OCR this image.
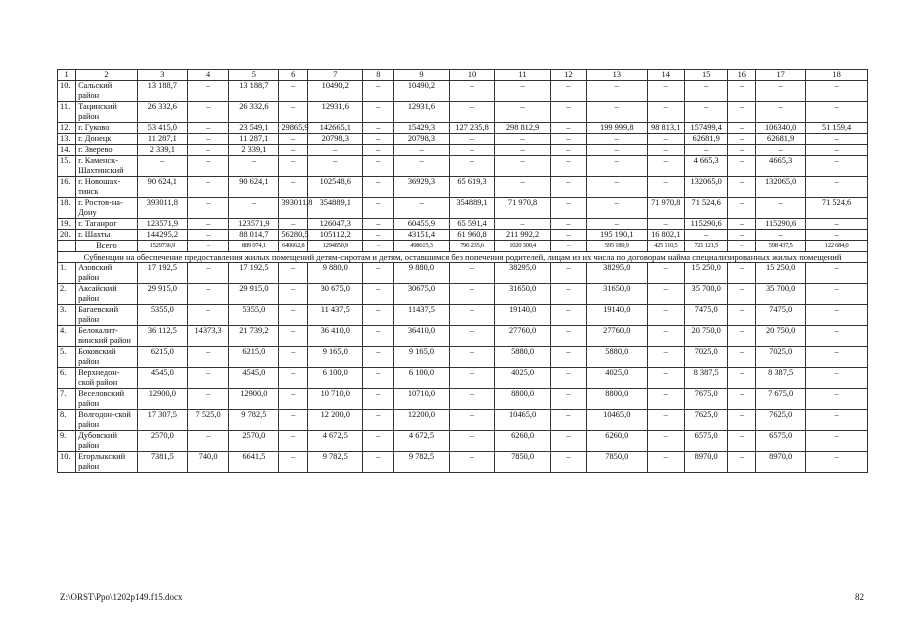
1	2	3	4	5	6	7	8	9	10	11	12	13	14	15	16	17	18
10.	Сальский район	13 188,7	–	13 188,7	–	10490,2	–	10490,2	–	–	–	–	–	–	–	–	–
11.	Тацинский район	26 332,6	–	26 332,6	–	12931,6	–	12931,6	–	–	–	–	–	–	–	–	–
12.	г. Гуково	53 415,0	–	23 549,1	29865,9	142665,1	–	15429,3	127 235,8	298 812,9	–	199 999,8	98 813,1	157499,4	–	106340,0	51 159,4
13.	г. Донецк	11 287,1	–	11 287,1	–	20798,3	–	20798,3	–	–	–	–	–	62681,9	–	62681,9	–
14.	г. Зверево	2 339,1	–	2 339,1	–	–	–	–	–	–	–	–	–	–	–	–	–
15.	г. Каменск-Шахтинский	–	–	–	–	–	–	–	–	–	–	–	–	4 665,3	–	4665,3	–
16.	г. Новошах-тинск	90 624,1	–	90 624,1	–	102548,6	–	36929,3	65 619,3	–	–	–	–	132065,0	–	132065,0	–
18.	г. Ростов-на-Дону	393011,8	–	–	393011,8	354889,1	–	–	354889,1	71 970,8	–	–	71 970,8	71 524,6	–	–	71 524,6
19.	г. Таганрог	123571,9	–	123571,9	–	126047,3	–	60455,9	65 591,4	–	–	–	–	115290,6	–	115290,6	–
20.	г. Шахты	144295,2	–	88 014,7	56280,5	105112,2	–	43151,4	61 960,8	211 992,2	–	195 190,1	16 802,1	–	–	–	–
	Всего	1529736,9	–	889 074,1	640662,8	1294850,9	–	498615,3	796 235,6	1020 300,4	–	595 189,9	425 110,5	721 121,5	–	598 437,5	122 684,0
Субвенции на обеспечение предоставления жилых помещений детям-сиротам и детям, оставшимся без попечения родителей, лицам из их числа по договорам найма специализированных жилых помещений																	
1.	Азовский район	17 192,5	–	17 192,5	–	9 880,0	–	9 880,0	–	38295,0	–	38295,0	–	15 250,0	–	15 250,0	–
2.	Аксайский район	29 915,0	–	29 915,0	–	30 675,0	–	30675,0	–	31650,0	–	31650,0	–	35 700,0	–	35 700,0	–
3.	Багаевский район	5355,0	–	5355,0	–	11 437,5	–	11437,5	–	19140,0	–	19140,0	–	7475,0	–	7475,0	–
4.	Белокалит-винский район	36 112,5	14373,3	21 739,2	–	36 410,0	–	36410,0	–	27760,0	–	27760,0	–	20 750,0	–	20 750,0	–
5.	Боковский район	6215,0	–	6215,0	–	9 165,0	–	9 165,0	–	5880,0	–	5880,0	–	7025,0	–	7025,0	–
6.	Верхнедон-ской район	4545,0	–	4545,0	–	6 100,0	–	6 100,0	–	4025,0	–	4025,0	–	8 387,5	–	8 387,5	–
7.	Веселовский район	12900,0	–	12900,0	–	10 710,0	–	10710,0	–	8800,0	–	8800,0	–	7675,0	–	7 675,0	–
8.	Волгодон-ской район	17 307,5	7 525,0	9 782,5	–	12 200,0	–	12200,0	–	10465,0	–	10465,0	–	7625,0	–	7625,0	–
9.	Дубовский район	2570,0	–	2570,0	–	4 672,5	–	4 672,5	–	6260,0	–	6260,0	–	6575,0	–	6575,0	–
10.	Егорлыкский район	7381,5	740,0	6641,5	–	9 782,5	–	9 782,5	–	7850,0	–	7850,0	–	8970,0	–	8970,0	–
Z:\ORST\Ppo\1202p149.f15.docx	82
